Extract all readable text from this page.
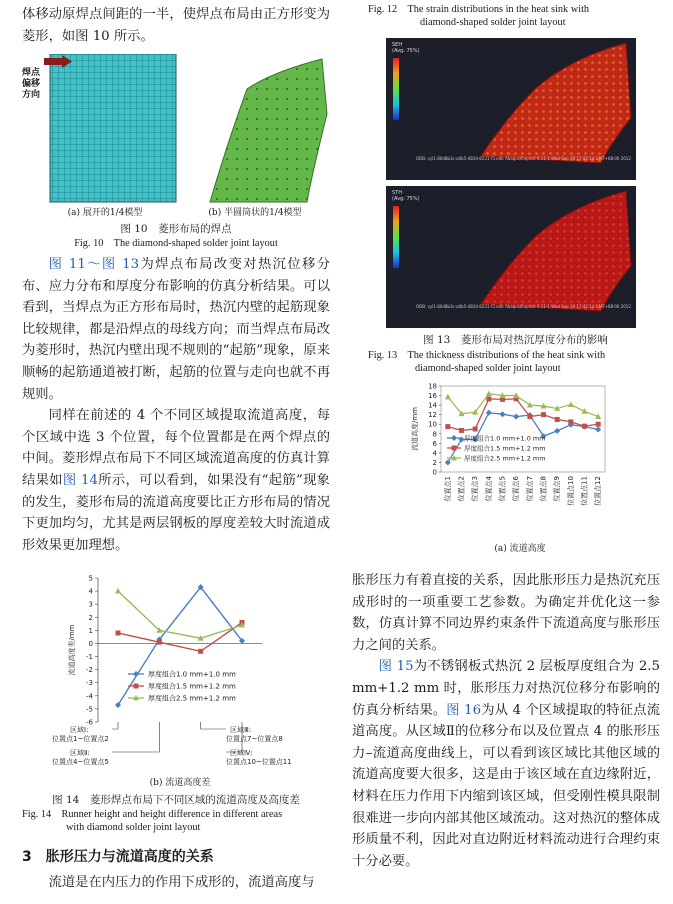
体移动原焊点间距的一半，使焊点布局由正方形变为菱形，如图 10 所示。

焊点偏移方向
(a) 展开的1/4模型	(b) 半圆筒状的1/4模型
图 10　菱形布局的焊点
Fig. 10　The diamond-shaped solder joint layout

图 11～图 13为焊点布局改变对热沉位移分布、应力分布和厚度分布影响的仿真分析结果。可以看到，当焊点为正方形布局时，热沉内壁的起筋现象比较规律，都是沿焊点的母线方向；而当焊点布局改为菱形时，热沉内壁出现不规则的“起筋”现象，原来顺畅的起筋通道被打断，起筋的位置与走向也就不再规则。

同样在前述的 4 个不同区域提取流道高度，每个区域中选 3 个位置，每个位置都是在两个焊点的中间。菱形焊点布局下不同区域流道高度的仿真计算结果如图 14所示，可以看到，如果没有“起筋”现象的发生，菱形布局的流道高度要比正方形布局的情况下更加均匀，尤其是两层钢板的厚度差较大时流道成形效果更加理想。

-6
-5
-4
-3
-2
-1
0
1
2
3
4
5
流道高度差/mm	厚度组合1.0 mm+1.0 mm
厚度组合1.5 mm+1.2 mm
厚度组合2.5 mm+1.2 mm
区域Ⅰ:
位置点1~位置点2
区域Ⅱ:
位置点4~位置点5
区域Ⅲ:
位置点7~位置点8
区域Ⅳ:
位置点10~位置点11
(b) 流道高度差
图 14　菱形焊点布局下不同区域的流道高度及高度差
Fig. 14　Runner height and height difference in different areas
with diamond solder joint layout
3　胀形压力与流道高度的关系

流道是在内压力的作用下成形的，流道高度与

Fig. 12　The strain distributions in the heat sink with
diamond-shaped solder joint layout
SEH
(Avg: 75%)
ODB: cyl1-80d8b3c-a0b5-4834-8231-f3.odb Abaqus/Explicit 6.11-1 Wed Sep 19 17:42:14 GMT+08:00 2012
STH
(Avg: 75%)
ODB: cyl1-80d8b3c-a0b5-4834-8231-f3.odb Abaqus/Explicit 6.11-1 Wed Sep 19 17:42:14 GMT+08:00 2012
图 13　菱形布局对热沉厚度分布的影响
Fig. 13　The thickness distributions of the heat sink with
diamond-shaped solder joint layout
0
2
4
6
8
10
12
14
16
18
流道高度/mm
位置点1 位置点2 位置点3 位置点4 位置点5 位置点6 位置点7 位置点8 位置点9 位置点10 位置点11 位置点12
厚度组合1.0 mm+1.0 mm
厚度组合1.5 mm+1.2 mm
厚度组合2.5 mm+1.2 mm
(a) 流道高度

胀形压力有着直接的关系，因此胀形压力是热沉充压成形时的一项重要工艺参数。为确定并优化这一参数，仿真计算不同边界约束条件下流道高度与胀形压力之间的关系。

图 15为不锈钢板式热沉 2 层板厚度组合为 2.5 mm+1.2 mm 时，胀形压力对热沉位移分布影响的仿真分析结果。图 16为从 4 个区域提取的特征点流道高度。从区域Ⅱ的位移分布以及位置点 4 的胀形压力–流道高度曲线上，可以看到该区域比其他区域的流道高度要大很多，这是由于该区域在直边缘附近，材料在压力作用下内缩到该区域，但受刚性模具限制很难进一步向内部其他区域流动。这对热沉的整体成形质量不利，因此对直边附近材料流动进行合理约束十分必要。
